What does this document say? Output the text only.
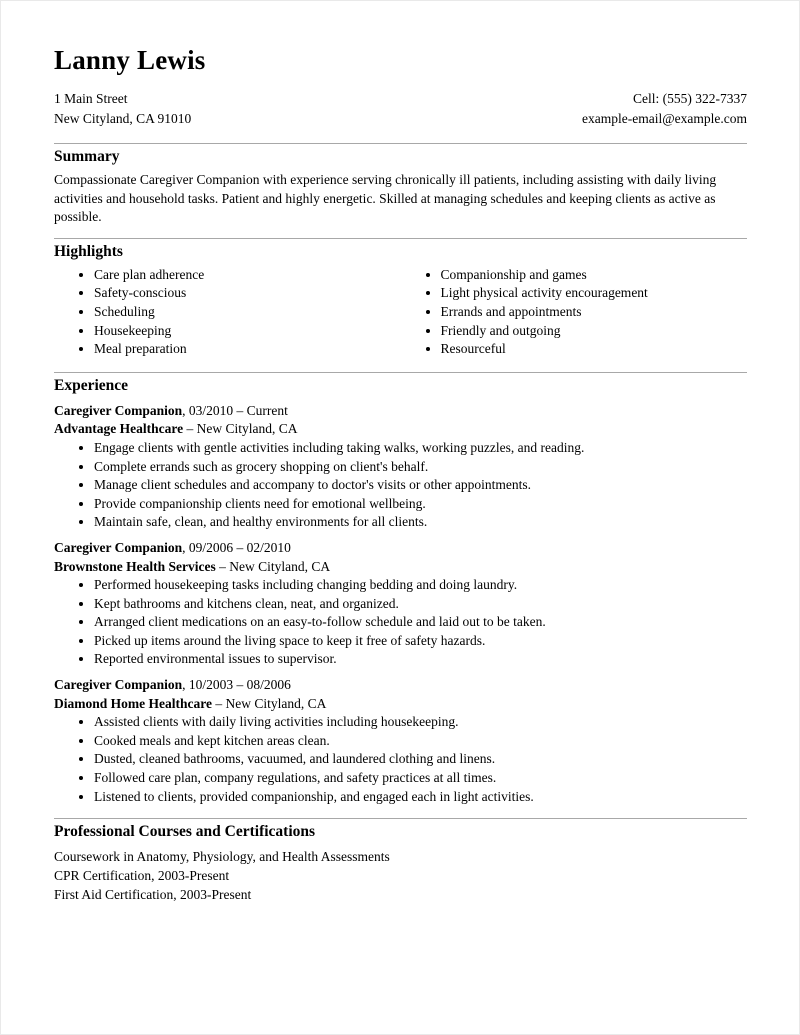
Lanny Lewis
1 Main Street
New Cityland, CA 91010
Cell: (555) 322-7337
example-email@example.com
Summary

Compassionate Caregiver Companion with experience serving chronically ill patients, including assisting with daily living activities and household tasks. Patient and highly energetic. Skilled at managing schedules and keeping clients as active as possible.

Highlights
• Care plan adherence
• Safety-conscious
• Scheduling
• Housekeeping
• Meal preparation
• Companionship and games
• Light physical activity encouragement
• Errands and appointments
• Friendly and outgoing
• Resourceful
Experience
Caregiver Companion, 03/2010 – Current
Advantage Healthcare – New Cityland, CA
• Engage clients with gentle activities including taking walks, working puzzles, and reading.
• Complete errands such as grocery shopping on client's behalf.
• Manage client schedules and accompany to doctor's visits or other appointments.
• Provide companionship clients need for emotional wellbeing.
• Maintain safe, clean, and healthy environments for all clients.
Caregiver Companion, 09/2006 – 02/2010
Brownstone Health Services – New Cityland, CA
• Performed housekeeping tasks including changing bedding and doing laundry.
• Kept bathrooms and kitchens clean, neat, and organized.
• Arranged client medications on an easy-to-follow schedule and laid out to be taken.
• Picked up items around the living space to keep it free of safety hazards.
• Reported environmental issues to supervisor.
Caregiver Companion, 10/2003 – 08/2006
Diamond Home Healthcare – New Cityland, CA
• Assisted clients with daily living activities including housekeeping.
• Cooked meals and kept kitchen areas clean.
• Dusted, cleaned bathrooms, vacuumed, and laundered clothing and linens.
• Followed care plan, company regulations, and safety practices at all times.
• Listened to clients, provided companionship, and engaged each in light activities.
Professional Courses and Certifications
Coursework in Anatomy, Physiology, and Health Assessments
CPR Certification, 2003-Present
First Aid Certification, 2003-Present
